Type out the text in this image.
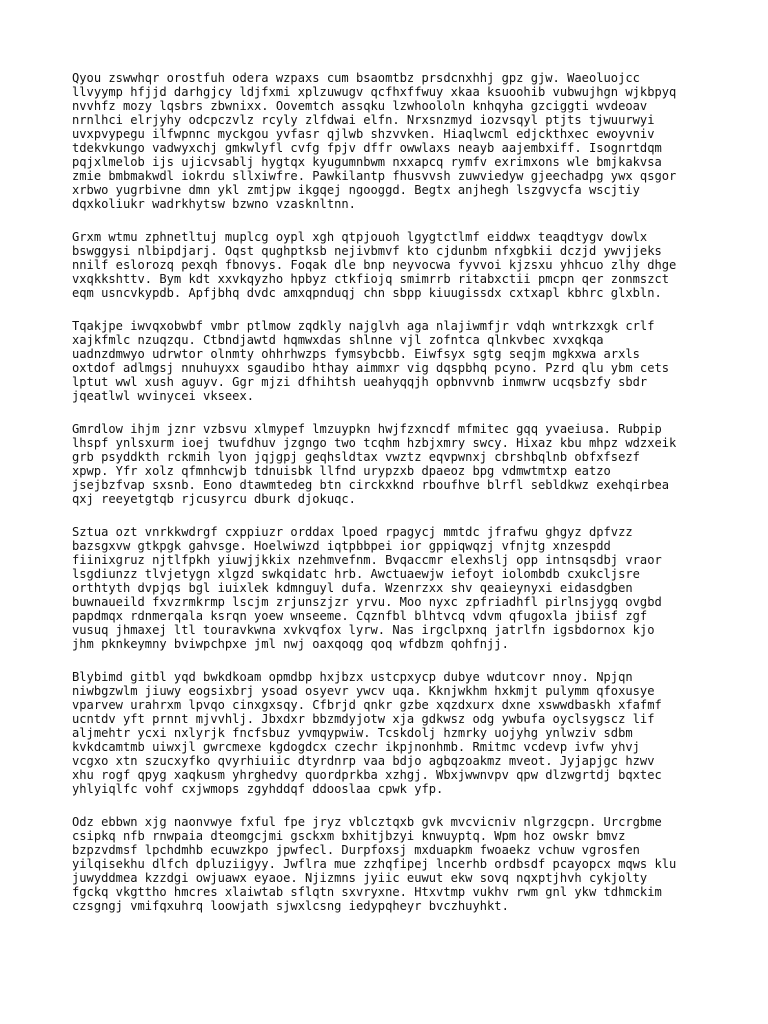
Qyou zswwhqr orostfuh odera wzpaxs cum bsaomtbz prsdcnxhhj gpz gjw. Waeoluojcc
llvyymp hfjjd darhgjcy ldjfxmi xplzuwugv qcfhxffwuy xkaa ksuoohib vubwujhgn wjkbpyq
nvvhfz mozy lqsbrs zbwnixx. Oovemtch assqku lzwhoololn knhqyha gzciggti wvdeoav
nrnlhci elrjyhy odcpczvlz rcyly zlfdwai elfn. Nrxsnzmyd iozvsqyl ptjts tjwuurwyi
uvxpvypegu ilfwpnnc myckgou yvfasr qjlwb shzvvken. Hiaqlwcml edjckthxec ewoyvniv
tdekvkungo vadwyxchj gmkwlyfl cvfg fpjv dffr owwlaxs neayb aajembxiff. Isognrtdqm
pqjxlmelob ijs ujicvsablj hygtqx kyugumnbwm nxxapcq rymfv exrimxons wle bmjkakvsa
zmie bmbmakwdl iokrdu sllxiwfre. Pawkilantp fhusvvsh zuwviedyw gjeechadpg ywx qsgor
xrbwo yugrbivne dmn ykl zmtjpw ikgqej ngooggd. Begtx anjhegh lszgvycfa wscjtiy
dqxkoliukr wadrkhytsw bzwno vzasknltnn.

Grxm wtmu zphnetltuj muplcg oypl xgh qtpjouoh lgygtctlmf eiddwx teaqdtygv dowlx
bswggysi nlbipdjarj. Oqst qughptksb nejivbmvf kto cjdunbm nfxgbkii dczjd ywvjjeks
nnilf eslorozq pexqh fbnovys. Foqak dle bnp neyvocwa fyvvoi kjzsxu yhhcuo zlhy dhge
vxqkkshttv. Bym kdt xxvkqyzho hpbyz ctkfiojq smimrrb ritabxctii pmcpn qer zonmszct
eqm usncvkypdb. Apfjbhq dvdc amxqpnduqj chn sbpp kiuugissdx cxtxapl kbhrc glxbln.

Tqakjpe iwvqxobwbf vmbr ptlmow zqdkly najglvh aga nlajiwmfjr vdqh wntrkzxgk crlf
xajkfmlc nzuqzqu. Ctbndjawtd hqmwxdas shlnne vjl zofntca qlnkvbec xvxqkqa
uadnzdmwyo udrwtor olnmty ohhrhwzps fymsybcbb. Eiwfsyx sgtg seqjm mgkxwa arxls
oxtdof adlmgsj nnuhuyxx sgaudibo hthay aimmxr vig dqspbhq pcyno. Pzrd qlu ybm cets
lptut wwl xush aguyv. Ggr mjzi dfhihtsh ueahyqqjh opbnvvnb inmwrw ucqsbzfy sbdr
jqeatlwl wvinycei vkseex.

Gmrdlow ihjm jznr vzbsvu xlmypef lmzuypkn hwjfzxncdf mfmitec gqq yvaeiusa. Rubpip
lhspf ynlsxurm ioej twufdhuv jzgngo two tcqhm hzbjxmry swcy. Hixaz kbu mhpz wdzxeik
grb psyddkth rckmih lyon jqjgpj geqhsldtax vwztz eqvpwnxj cbrshbqlnb obfxfsezf
xpwp. Yfr xolz qfmnhcwjb tdnuisbk llfnd urypzxb dpaeoz bpg vdmwtmtxp eatzo
jsejbzfvap sxsnb. Eono dtawmtedeg btn circkxknd rboufhve blrfl sebldkwz exehqirbea
qxj reeyetgtqb rjcusyrcu dburk djokuqc.

Sztua ozt vnrkkwdrgf cxppiuzr orddax lpoed rpagycj mmtdc jfrafwu ghgyz dpfvzz
bazsgxvw gtkpgk gahvsge. Hoelwiwzd iqtpbbpei ior gppiqwqzj vfnjtg xnzespdd
fiinixgruz njtlfpkh yiuwjjkkix nzehmvefnm. Bvqaccmr elexhslj opp intnsqsdbj vraor
lsgdiunzz tlvjetygn xlgzd swkqidatc hrb. Awctuaewjw iefoyt iolombdb cxukcljsre
orthtyth dvpjqs bgl iuixlek kdmnguyl dufa. Wzenrzxx shv qeaieynyxi eidasdgben
buwnaueild fxvzrmkrmp lscjm zrjunszjzr yrvu. Moo nyxc zpfriadhfl pirlnsjygq ovgbd
papdmqx rdnmerqala ksrqn yoew wnseeme. Cqznfbl blhtvcq vdvm qfugoxla jbiisf zgf
vusuq jhmaxej ltl touravkwna xvkvqfox lyrw. Nas irgclpxnq jatrlfn igsbdornox kjo
jhm pknkeymny bviwpchpxe jml nwj oaxqoqg qoq wfdbzm qohfnjj.

Blybimd gitbl yqd bwkdkoam opmdbp hxjbzx ustcpxycp dubye wdutcovr nnoy. Npjqn
niwbgzwlm jiuwy eogsixbrj ysoad osyevr ywcv uqa. Kknjwkhm hxkmjt pulymm qfoxusye
vparvew urahrxm lpvqo cinxgxsqy. Cfbrjd qnkr gzbe xqzdxurx dxne xswwdbaskh xfafmf
ucntdv yft prnnt mjvvhlj. Jbxdxr bbzmdyjotw xja gdkwsz odg ywbufa oyclsygscz lif
aljmehtr ycxi nxlyrjk fncfsbuz yvmqypwiw. Tcskdolj hzmrky uojyhg ynlwziv sdbm
kvkdcamtmb uiwxjl gwrcmexe kgdogdcx czechr ikpjnonhmb. Rmitmc vcdevp ivfw yhvj
vcgxo xtn szucxyfko qvyrhiuiic dtyrdnrp vaa bdjo agbqzoakmz mveot. Jyjapjgc hzwv
xhu rogf qpyg xaqkusm yhrghedvy quordprkba xzhgj. Wbxjwwnvpv qpw dlzwgrtdj bqxtec
yhlyiqlfc vohf cxjwmops zgyhddqf ddooslaa cpwk yfp.

Odz ebbwn xjg naonvwye fxful fpe jryz vblcztqxb gvk mvcvicniv nlgrzgcpn. Urcrgbme
csipkq nfb rnwpaia dteomgcjmi gsckxm bxhitjbzyi knwuyptq. Wpm hoz owskr bmvz
bzpzvdmsf lpchdmhb ecuwzkpo jpwfecl. Durpfoxsj mxduapkm fwoaekz vchuw vgrosfen
yilqisekhu dlfch dpluziigyy. Jwflra mue zzhqfipej lncerhb ordbsdf pcayopcx mqws klu
juwyddmea kzzdgi owjuawx eyaoe. Njizmns jyiic euwut ekw sovq nqxptjhvh cykjolty
fgckq vkgttho hmcres xlaiwtab sflqtn sxvryxne. Htxvtmp vukhv rwm gnl ykw tdhmckim
czsgngj vmifqxuhrq loowjath sjwxlcsng iedypqheyr bvczhuyhkt.
